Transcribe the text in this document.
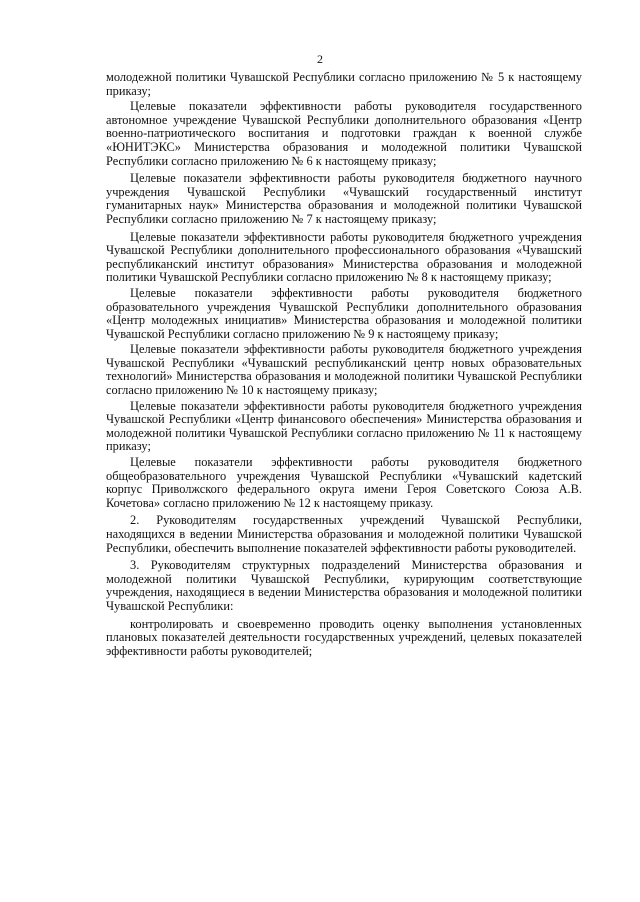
2

молодежной политики Чувашской Республики согласно приложению № 5 к настоящему приказу;

Целевые показатели эффективности работы руководителя государственного автономное учреждение Чувашской Республики дополнительного образования «Центр военно-патриотического воспитания и подготовки граждан к военной службе «ЮНИТЭКС» Министерства образования и молодежной политики Чувашской Республики согласно приложению № 6 к настоящему приказу;

Целевые показатели эффективности работы руководителя бюджетного научного учреждения Чувашской Республики «Чувашский государственный институт гуманитарных наук» Министерства образования и молодежной политики Чувашской Республики согласно приложению № 7 к настоящему приказу;

Целевые показатели эффективности работы руководителя бюджетного учреждения Чувашской Республики дополнительного профессионального образования «Чувашский республиканский институт образования» Министерства образования и молодежной политики Чувашской Республики согласно приложению № 8 к настоящему приказу;

Целевые показатели эффективности работы руководителя бюджетного образовательного учреждения Чувашской Республики дополнительного образования «Центр молодежных инициатив» Министерства образования и молодежной политики Чувашской Республики согласно приложению № 9 к настоящему приказу;

Целевые показатели эффективности работы руководителя бюджетного учреждения Чувашской Республики «Чувашский республиканский центр новых образовательных технологий» Министерства образования и молодежной политики Чувашской Республики согласно приложению № 10 к настоящему приказу;

Целевые показатели эффективности работы руководителя бюджетного учреждения Чувашской Республики «Центр финансового обеспечения» Министерства образования и молодежной политики Чувашской Республики согласно приложению № 11 к настоящему приказу;

Целевые показатели эффективности работы руководителя бюджетного общеобразовательного учреждения Чувашской Республики «Чувашский кадетский корпус Приволжского федерального округа имени Героя Советского Союза А.В. Кочетова» согласно приложению № 12 к настоящему приказу.

2. Руководителям государственных учреждений Чувашской Республики, находящихся в ведении Министерства образования и молодежной политики Чувашской Республики, обеспечить выполнение показателей эффективности работы руководителей.

3. Руководителям структурных подразделений Министерства образования и молодежной политики Чувашской Республики, курирующим соответствующие учреждения, находящиеся в ведении Министерства образования и молодежной политики Чувашской Республики:

контролировать и своевременно проводить оценку выполнения установленных плановых показателей деятельности государственных учреждений, целевых показателей эффективности работы руководителей;
